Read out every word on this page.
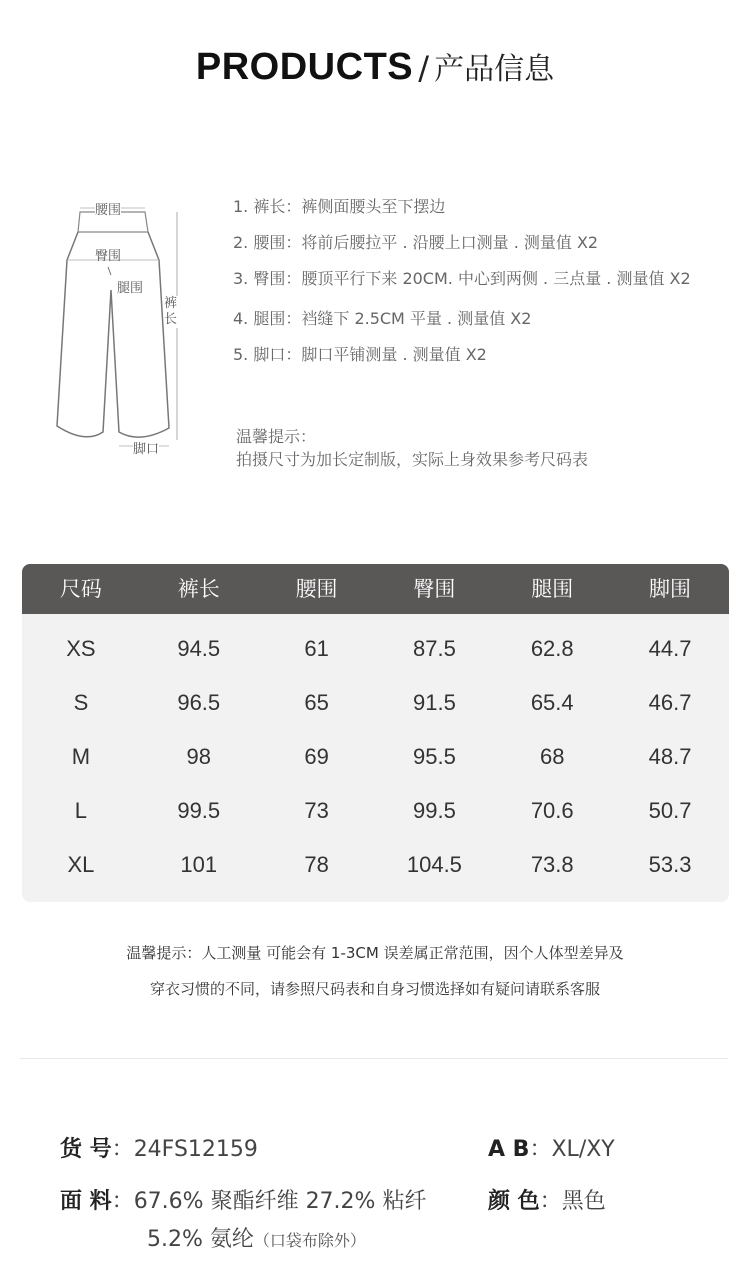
PRODUCTS / 产品信息
腰围
臀围
腿围
裤长
脚口
1. 裤长：裤侧面腰头至下摆边
2. 腰围：将前后腰拉平 . 沿腰上口测量 . 测量值 X2
3. 臀围：腰顶平行下来 20CM. 中心到两侧 . 三点量 . 测量值 X2
4. 腿围：裆缝下 2.5CM 平量 . 测量值 X2
5. 脚口：脚口平铺测量 . 测量值 X2
温馨提示：
拍摄尺寸为加长定制版，实际上身效果参考尺码表
尺码	裤长	腰围	臀围	腿围	脚围
XS	94.5	61	87.5	62.8	44.7
S	96.5	65	91.5	65.4	46.7
M	98	69	95.5	68	48.7
L	99.5	73	99.5	70.6	50.7
XL	101	78	104.5	73.8	53.3
温馨提示：人工测量 可能会有 1-3CM 误差属正常范围，因个人体型差异及
穿衣习惯的不同，请参照尺码表和自身习惯选择如有疑问请联系客服
货 号：24FS12159	A B：XL/XY
面 料：67.6% 聚酯纤维 27.2% 粘纤
5.2% 氨纶（口袋布除外）
颜 色：黑色
